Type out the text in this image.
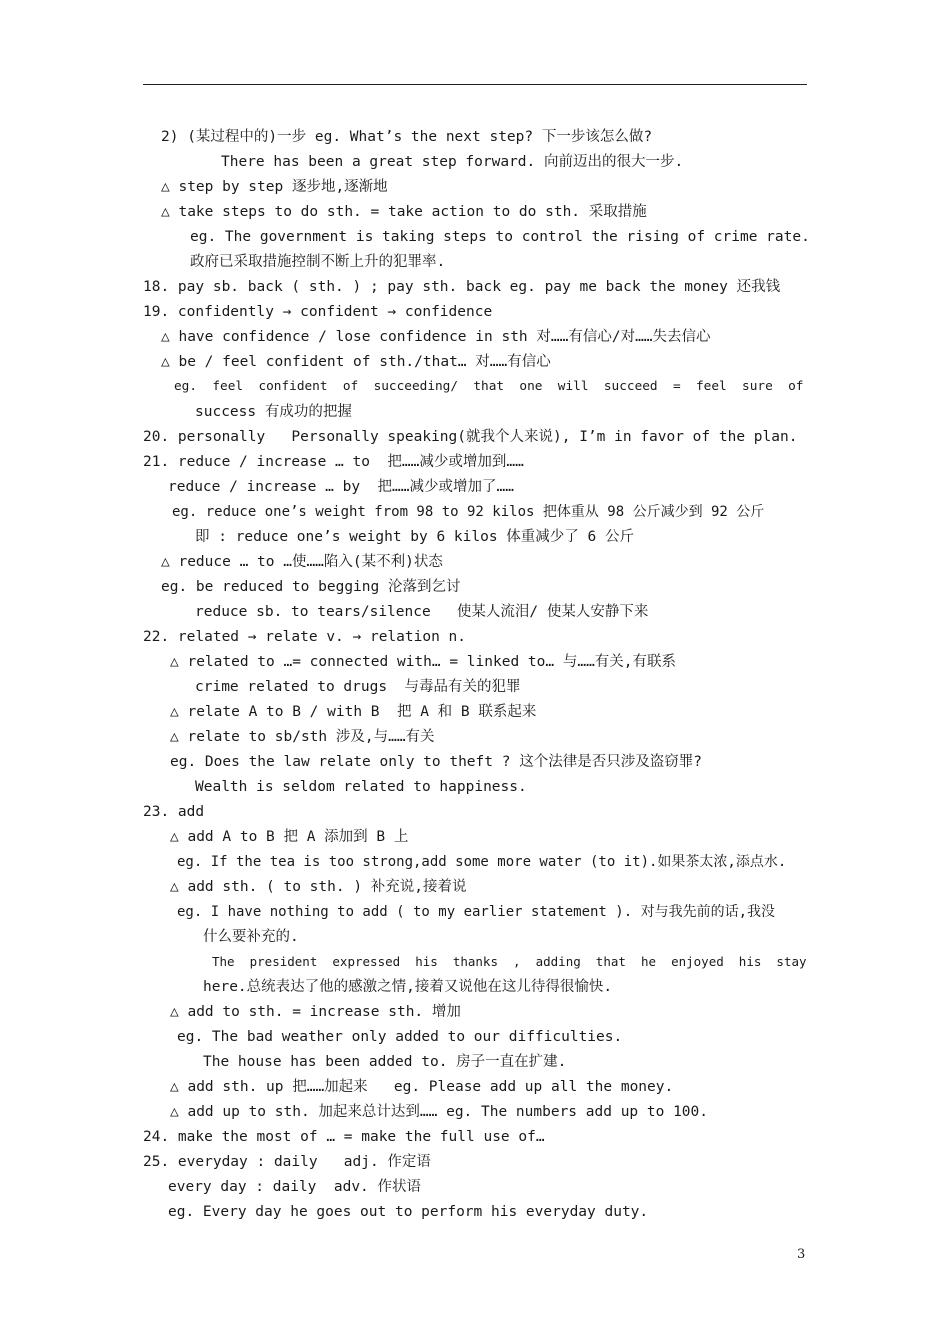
2) (某过程中的)一步 eg. What’s the next step? 下一步该怎么做?
There has been a great step forward. 向前迈出的很大一步.
△ step by step 逐步地,逐渐地
△ take steps to do sth. = take action to do sth. 采取措施
eg. The government is taking steps to control the rising of crime rate.
政府已采取措施控制不断上升的犯罪率.
18. pay sb. back ( sth. ) ; pay sth. back eg. pay me back the money 还我钱
19. confidently → confident → confidence
△ have confidence / lose confidence in sth 对……有信心/对……失去信心
△ be / feel confident of sth./that… 对……有信心
eg.  feel  confident  of  succeeding/  that  one  will  succeed  =  feel  sure  of
success 有成功的把握
20. personally   Personally speaking(就我个人来说), I’m in favor of the plan.
21. reduce / increase … to  把……减少或增加到……
reduce / increase … by  把……减少或增加了……
eg. reduce one’s weight from 98 to 92 kilos 把体重从 98 公斤减少到 92 公斤
即 : reduce one’s weight by 6 kilos 体重减少了 6 公斤
△ reduce … to …使……陷入(某不利)状态
eg. be reduced to begging 沦落到乞讨
reduce sb. to tears/silence   使某人流泪/ 使某人安静下来
22. related → relate v. → relation n.
△ related to …= connected with… = linked to… 与……有关,有联系
crime related to drugs  与毒品有关的犯罪
△ relate A to B / with B  把 A 和 B 联系起来
△ relate to sb/sth 涉及,与……有关
eg. Does the law relate only to theft ? 这个法律是否只涉及盗窃罪?
Wealth is seldom related to happiness.
23. add
△ add A to B 把 A 添加到 B 上
eg. If the tea is too strong,add some more water (to it).如果茶太浓,添点水.
△ add sth. ( to sth. ) 补充说,接着说
eg. I have nothing to add ( to my earlier statement ). 对与我先前的话,我没
什么要补充的.
The  president  expressed  his  thanks  ,  adding  that  he  enjoyed  his  stay
here.总统表达了他的感激之情,接着又说他在这儿待得很愉快.
△ add to sth. = increase sth. 增加
eg. The bad weather only added to our difficulties.
The house has been added to. 房子一直在扩建.
△ add sth. up 把……加起来   eg. Please add up all the money.
△ add up to sth. 加起来总计达到…… eg. The numbers add up to 100.
24. make the most of … = make the full use of…
25. everyday : daily   adj. 作定语
every day : daily  adv. 作状语
eg. Every day he goes out to perform his everyday duty.
3
